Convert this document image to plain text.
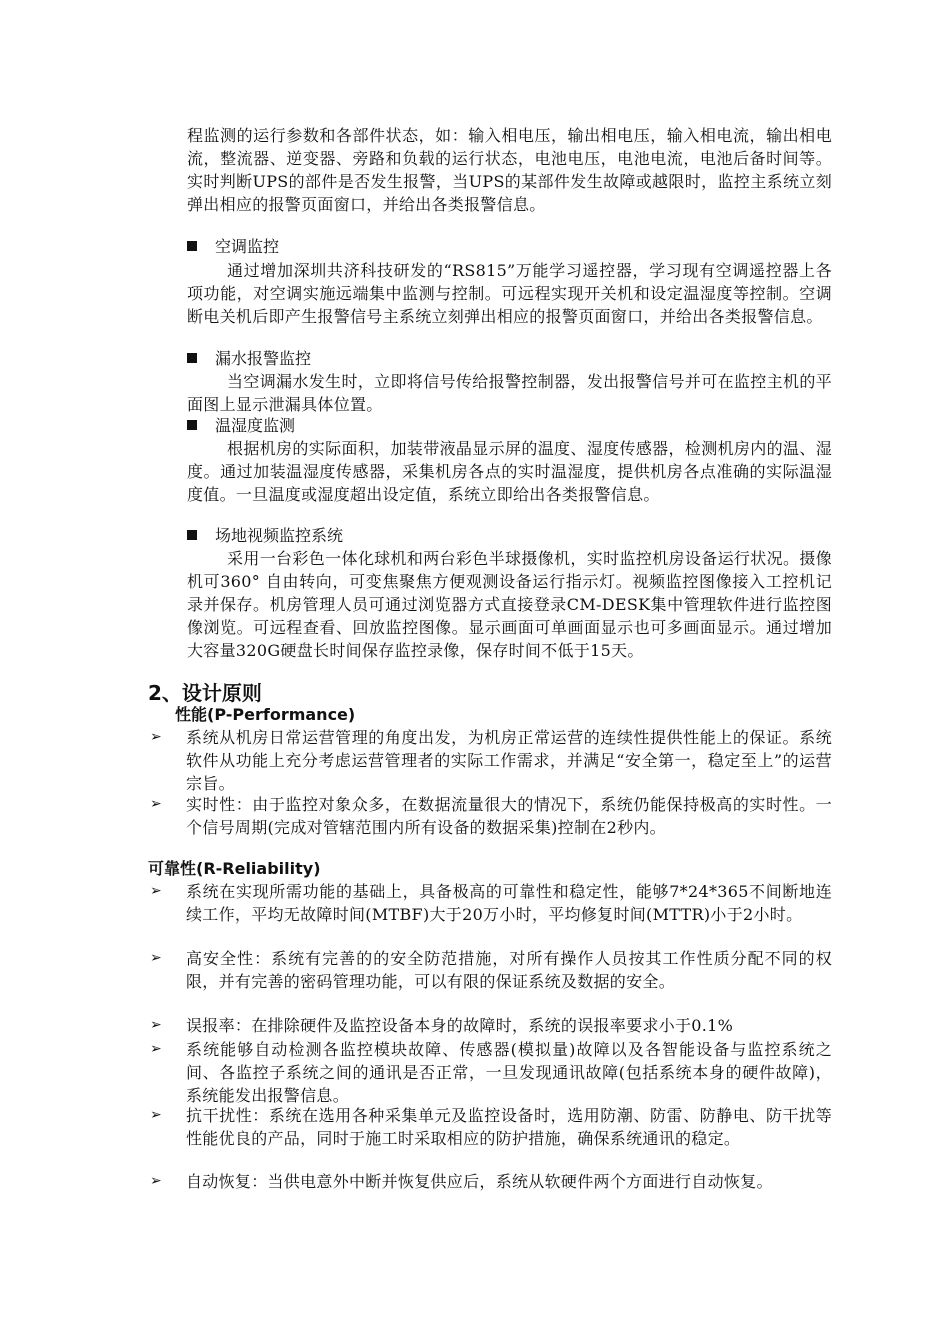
程监测的运行参数和各部件状态，如：输入相电压，输出相电压，输入相电流，输出相电流，整流器、逆变器、旁路和负载的运行状态，电池电压，电池电流，电池后备时间等。实时判断UPS的部件是否发生报警，当UPS的某部件发生故障或越限时，监控主系统立刻弹出相应的报警页面窗口，并给出各类报警信息。
空调监控
通过增加深圳共济科技研发的“RS815”万能学习遥控器，学习现有空调遥控器上各项功能，对空调实施远端集中监测与控制。可远程实现开关机和设定温湿度等控制。空调断电关机后即产生报警信号主系统立刻弹出相应的报警页面窗口，并给出各类报警信息。
漏水报警监控
当空调漏水发生时，立即将信号传给报警控制器，发出报警信号并可在监控主机的平面图上显示泄漏具体位置。
温湿度监测
根据机房的实际面积，加装带液晶显示屏的温度、湿度传感器，检测机房内的温、湿度。通过加装温湿度传感器，采集机房各点的实时温湿度，提供机房各点准确的实际温湿度值。一旦温度或湿度超出设定值，系统立即给出各类报警信息。
场地视频监控系统
采用一台彩色一体化球机和两台彩色半球摄像机，实时监控机房设备运行状况。摄像机可360° 自由转向，可变焦聚焦方便观测设备运行指示灯。视频监控图像接入工控机记录并保存。机房管理人员可通过浏览器方式直接登录CM-DESK集中管理软件进行监控图像浏览。可远程查看、回放监控图像。显示画面可单画面显示也可多画面显示。通过增加大容量320G硬盘长时间保存监控录像，保存时间不低于15天。
2、设计原则
性能(P-Performance)
➢	系统从机房日常运营管理的角度出发，为机房正常运营的连续性提供性能上的保证。系统软件从功能上充分考虑运营管理者的实际工作需求，并满足“安全第一，稳定至上”的运营宗旨。
➢	实时性：由于监控对象众多，在数据流量很大的情况下，系统仍能保持极高的实时性。一个信号周期(完成对管辖范围内所有设备的数据采集)控制在2秒内。
可靠性(R-Reliability)
➢	系统在实现所需功能的基础上，具备极高的可靠性和稳定性，能够7*24*365不间断地连续工作，平均无故障时间(MTBF)大于20万小时，平均修复时间(MTTR)小于2小时。
➢	高安全性：系统有完善的的安全防范措施，对所有操作人员按其工作性质分配不同的权限，并有完善的密码管理功能，可以有限的保证系统及数据的安全。
➢	误报率：在排除硬件及监控设备本身的故障时，系统的误报率要求小于0.1%
➢	系统能够自动检测各监控模块故障、传感器(模拟量)故障以及各智能设备与监控系统之间、各监控子系统之间的通讯是否正常，一旦发现通讯故障(包括系统本身的硬件故障)，系统能发出报警信息。
➢	抗干扰性：系统在选用各种采集单元及监控设备时，选用防潮、防雷、防静电、防干扰等性能优良的产品，同时于施工时采取相应的防护措施，确保系统通讯的稳定。
➢	自动恢复：当供电意外中断并恢复供应后，系统从软硬件两个方面进行自动恢复。
